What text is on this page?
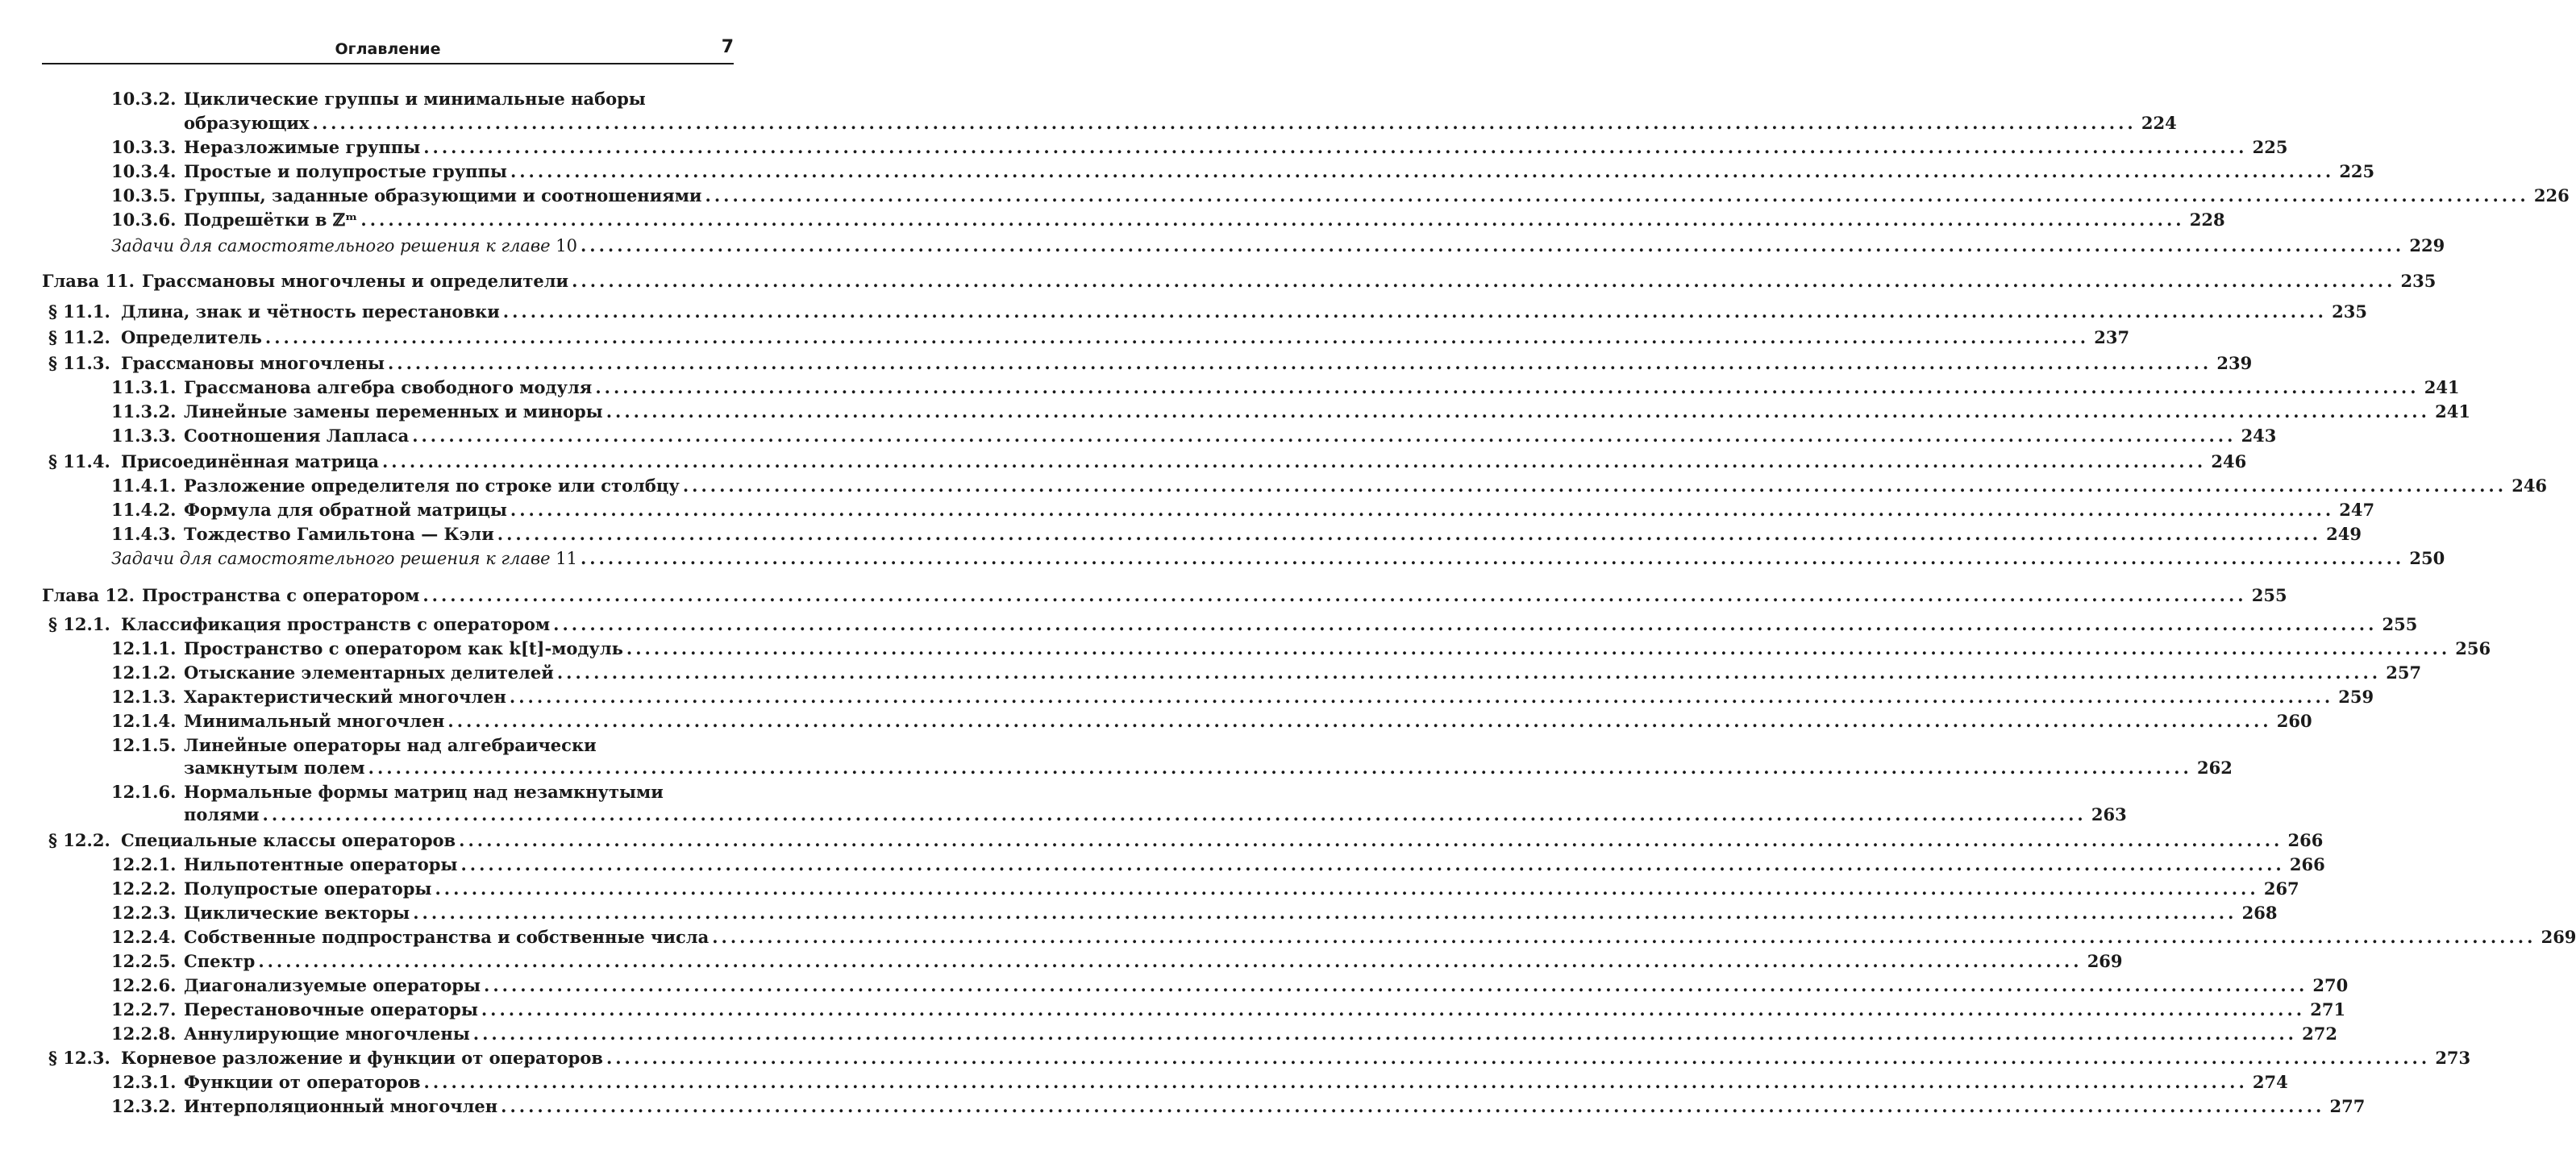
Оглавление	7
10.3.2. Циклические группы и минимальные наборы
образующих ........................................................................................................................................................................................................ 224
10.3.3. Неразложимые группы ........................................................................................................................................................................................................ 225
10.3.4. Простые и полупростые группы ........................................................................................................................................................................................................ 225
10.3.5. Группы, заданные образующими и соотношениями ........................................................................................................................................................................................................ 226
10.3.6. Подрешётки в ℤᵐ ........................................................................................................................................................................................................ 228
Задачи для самостоятельного решения к главе 10 ........................................................................................................................................................................................................ 229
Глава 11. Грассмановы многочлены и определители ........................................................................................................................................................................................................ 235
§ 11.1. Длина, знак и чётность перестановки ........................................................................................................................................................................................................ 235
§ 11.2. Определитель ........................................................................................................................................................................................................ 237
§ 11.3. Грассмановы многочлены ........................................................................................................................................................................................................ 239
11.3.1. Грассманова алгебра свободного модуля ........................................................................................................................................................................................................ 241
11.3.2. Линейные замены переменных и миноры ........................................................................................................................................................................................................ 241
11.3.3. Соотношения Лапласа ........................................................................................................................................................................................................ 243
§ 11.4. Присоединённая матрица ........................................................................................................................................................................................................ 246
11.4.1. Разложение определителя по строке или столбцу ........................................................................................................................................................................................................ 246
11.4.2. Формула для обратной матрицы ........................................................................................................................................................................................................ 247
11.4.3. Тождество Гамильтона — Кэли ........................................................................................................................................................................................................ 249
Задачи для самостоятельного решения к главе 11 ........................................................................................................................................................................................................ 250
Глава 12. Пространства с оператором ........................................................................................................................................................................................................ 255
§ 12.1. Классификация пространств с оператором ........................................................................................................................................................................................................ 255
12.1.1. Пространство с оператором как k[t]-модуль ........................................................................................................................................................................................................ 256
12.1.2. Отыскание элементарных делителей ........................................................................................................................................................................................................ 257
12.1.3. Характеристический многочлен ........................................................................................................................................................................................................ 259
12.1.4. Минимальный многочлен ........................................................................................................................................................................................................ 260
12.1.5. Линейные операторы над алгебраически
замкнутым полем ........................................................................................................................................................................................................ 262
12.1.6. Нормальные формы матриц над незамкнутыми
полями ........................................................................................................................................................................................................ 263
§ 12.2. Специальные классы операторов ........................................................................................................................................................................................................ 266
12.2.1. Нильпотентные операторы ........................................................................................................................................................................................................ 266
12.2.2. Полупростые операторы ........................................................................................................................................................................................................ 267
12.2.3. Циклические векторы ........................................................................................................................................................................................................ 268
12.2.4. Собственные подпространства и собственные числа ........................................................................................................................................................................................................ 269
12.2.5. Спектр ........................................................................................................................................................................................................ 269
12.2.6. Диагонализуемые операторы ........................................................................................................................................................................................................ 270
12.2.7. Перестановочные операторы ........................................................................................................................................................................................................ 271
12.2.8. Аннулирующие многочлены ........................................................................................................................................................................................................ 272
§ 12.3. Корневое разложение и функции от операторов ........................................................................................................................................................................................................ 273
12.3.1. Функции от операторов ........................................................................................................................................................................................................ 274
12.3.2. Интерполяционный многочлен ........................................................................................................................................................................................................ 277
